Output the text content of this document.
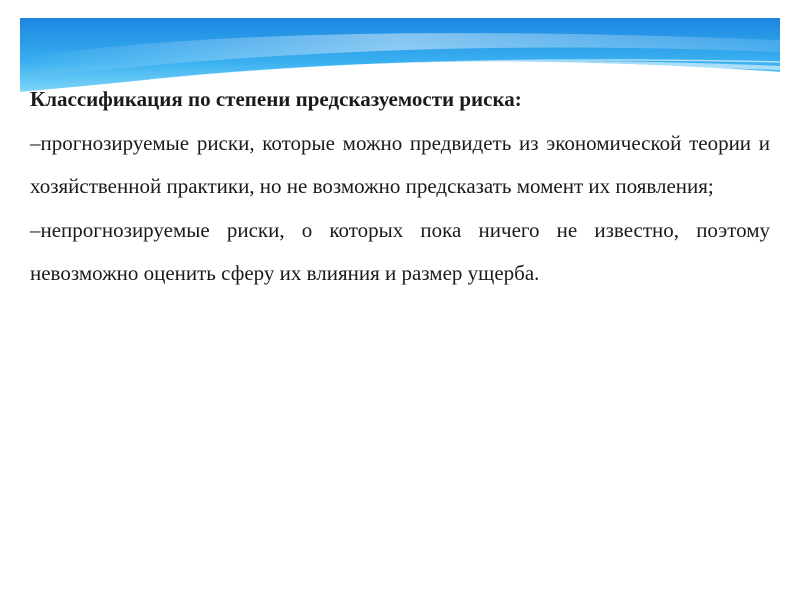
Классификация по степени предсказуемости риска:

–прогнозируемые риски, которые можно предвидеть из экономической теории и хозяйственной практики, но не возможно предсказать момент их появления;

–непрогнозируемые риски, о которых пока ничего не известно, поэтому невозможно оценить сферу их влияния и размер ущерба.
